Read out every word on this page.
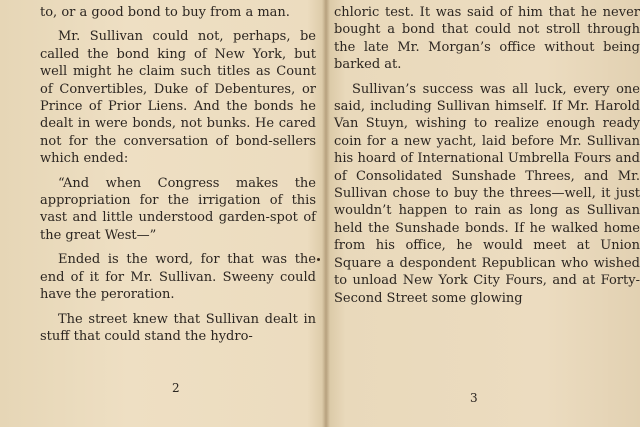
to, or a good bond to buy from a man.

Mr. Sullivan could not, perhaps, be called the bond king of New York, but well might he claim such titles as Count of Convertibles, Duke of Debentures, or Prince of Prior Liens. And the bonds he dealt in were bonds, not bunks. He cared not for the conversation of bond-sellers which ended:

“And when Congress makes the appropriation for the irrigation of this vast and little understood garden-spot of the great West—”

Ended is the word, for that was the end of it for Mr. Sullivan. Sweeny could have the peroration.

The street knew that Sullivan dealt in stuff that could stand the hydro-

2

chloric test. It was said of him that he never bought a bond that could not stroll through the late Mr. Morgan’s office without being barked at.

Sullivan’s success was all luck, every one said, including Sullivan himself. If Mr. Harold Van Stuyn, wishing to realize enough ready coin for a new yacht, laid before Mr. Sullivan his hoard of International Umbrella Fours and of Consolidated Sunshade Threes, and Mr. Sullivan chose to buy the threes—well, it just wouldn’t happen to rain as long as Sullivan held the Sunshade bonds. If he walked home from his office, he would meet at Union Square a despondent Republican who wished to unload New York City Fours, and at Forty-Second Street some glowing

3
